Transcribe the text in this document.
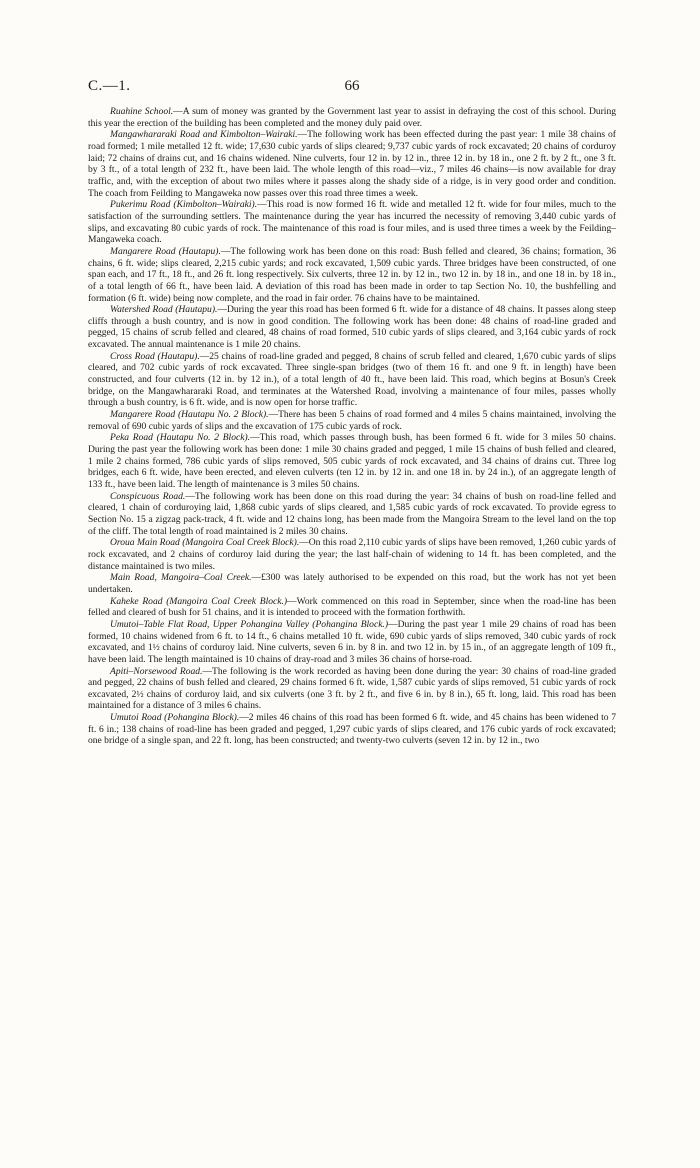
C.—1.	66

Ruahine School.—A sum of money was granted by the Government last year to assist in defraying the cost of this school. During this year the erection of the building has been completed and the money duly paid over.

Mangawhararaki Road and Kimbolton–Wairaki.—The following work has been effected during the past year: 1 mile 38 chains of road formed; 1 mile metalled 12 ft. wide; 17,630 cubic yards of slips cleared; 9,737 cubic yards of rock excavated; 20 chains of corduroy laid; 72 chains of drains cut, and 16 chains widened. Nine culverts, four 12 in. by 12 in., three 12 in. by 18 in., one 2 ft. by 2 ft., one 3 ft. by 3 ft., of a total length of 232 ft., have been laid. The whole length of this road—viz., 7 miles 46 chains—is now available for dray traffic, and, with the exception of about two miles where it passes along the shady side of a ridge, is in very good order and condition. The coach from Feilding to Mangaweka now passes over this road three times a week.

Pukerimu Road (Kimbolton–Wairaki).—This road is now formed 16 ft. wide and metalled 12 ft. wide for four miles, much to the satisfaction of the surrounding settlers. The maintenance during the year has incurred the necessity of removing 3,440 cubic yards of slips, and excavating 80 cubic yards of rock. The maintenance of this road is four miles, and is used three times a week by the Feilding–Mangaweka coach.

Mangarere Road (Hautapu).—The following work has been done on this road: Bush felled and cleared, 36 chains; formation, 36 chains, 6 ft. wide; slips cleared, 2,215 cubic yards; and rock excavated, 1,509 cubic yards. Three bridges have been constructed, of one span each, and 17 ft., 18 ft., and 26 ft. long respectively. Six culverts, three 12 in. by 12 in., two 12 in. by 18 in., and one 18 in. by 18 in., of a total length of 66 ft., have been laid. A deviation of this road has been made in order to tap Section No. 10, the bushfelling and formation (6 ft. wide) being now complete, and the road in fair order. 76 chains have to be maintained.

Watershed Road (Hautapu).—During the year this road has been formed 6 ft. wide for a distance of 48 chains. It passes along steep cliffs through a bush country, and is now in good condition. The following work has been done: 48 chains of road-line graded and pegged, 15 chains of scrub felled and cleared, 48 chains of road formed, 510 cubic yards of slips cleared, and 3,164 cubic yards of rock excavated. The annual maintenance is 1 mile 20 chains.

Cross Road (Hautapu).—25 chains of road-line graded and pegged, 8 chains of scrub felled and cleared, 1,670 cubic yards of slips cleared, and 702 cubic yards of rock excavated. Three single-span bridges (two of them 16 ft. and one 9 ft. in length) have been constructed, and four culverts (12 in. by 12 in.), of a total length of 40 ft., have been laid. This road, which begins at Bosun's Creek bridge, on the Mangawhararaki Road, and terminates at the Watershed Road, involving a maintenance of four miles, passes wholly through a bush country, is 6 ft. wide, and is now open for horse traffic.

Mangarere Road (Hautapu No. 2 Block).—There has been 5 chains of road formed and 4 miles 5 chains maintained, involving the removal of 690 cubic yards of slips and the excavation of 175 cubic yards of rock.

Peka Road (Hautapu No. 2 Block).—This road, which passes through bush, has been formed 6 ft. wide for 3 miles 50 chains. During the past year the following work has been done: 1 mile 30 chains graded and pegged, 1 mile 15 chains of bush felled and cleared, 1 mile 2 chains formed, 786 cubic yards of slips removed, 505 cubic yards of rock excavated, and 34 chains of drains cut. Three log bridges, each 6 ft. wide, have been erected, and eleven culverts (ten 12 in. by 12 in. and one 18 in. by 24 in.), of an aggregate length of 133 ft., have been laid. The length of maintenance is 3 miles 50 chains.

Conspicuous Road.—The following work has been done on this road during the year: 34 chains of bush on road-line felled and cleared, 1 chain of corduroying laid, 1,868 cubic yards of slips cleared, and 1,585 cubic yards of rock excavated. To provide egress to Section No. 15 a zigzag pack-track, 4 ft. wide and 12 chains long, has been made from the Mangoira Stream to the level land on the top of the cliff. The total length of road maintained is 2 miles 30 chains.

Oroua Main Road (Mangoira Coal Creek Block).—On this road 2,110 cubic yards of slips have been removed, 1,260 cubic yards of rock excavated, and 2 chains of corduroy laid during the year; the last half-chain of widening to 14 ft. has been completed, and the distance maintained is two miles.

Main Road, Mangoira–Coal Creek.—£300 was lately authorised to be expended on this road, but the work has not yet been undertaken.

Kaheke Road (Mangoira Coal Creek Block.)—Work commenced on this road in September, since when the road-line has been felled and cleared of bush for 51 chains, and it is intended to proceed with the formation forthwith.

Umutoi–Table Flat Road, Upper Pohangina Valley (Pohangina Block.)—During the past year 1 mile 29 chains of road has been formed, 10 chains widened from 6 ft. to 14 ft., 6 chains metalled 10 ft. wide, 690 cubic yards of slips removed, 340 cubic yards of rock excavated, and 1½ chains of corduroy laid. Nine culverts, seven 6 in. by 8 in. and two 12 in. by 15 in., of an aggregate length of 109 ft., have been laid. The length maintained is 10 chains of dray-road and 3 miles 36 chains of horse-road.

Apiti–Norsewood Road.—The following is the work recorded as having been done during the year: 30 chains of road-line graded and pegged, 22 chains of bush felled and cleared, 29 chains formed 6 ft. wide, 1,587 cubic yards of slips removed, 51 cubic yards of rock excavated, 2½ chains of corduroy laid, and six culverts (one 3 ft. by 2 ft., and five 6 in. by 8 in.), 65 ft. long, laid. This road has been maintained for a distance of 3 miles 6 chains.

Umutoi Road (Pohangina Block).—2 miles 46 chains of this road has been formed 6 ft. wide, and 45 chains has been widened to 7 ft. 6 in.; 138 chains of road-line has been graded and pegged, 1,297 cubic yards of slips cleared, and 176 cubic yards of rock excavated; one bridge of a single span, and 22 ft. long, has been constructed; and twenty-two culverts (seven 12 in. by 12 in., two
